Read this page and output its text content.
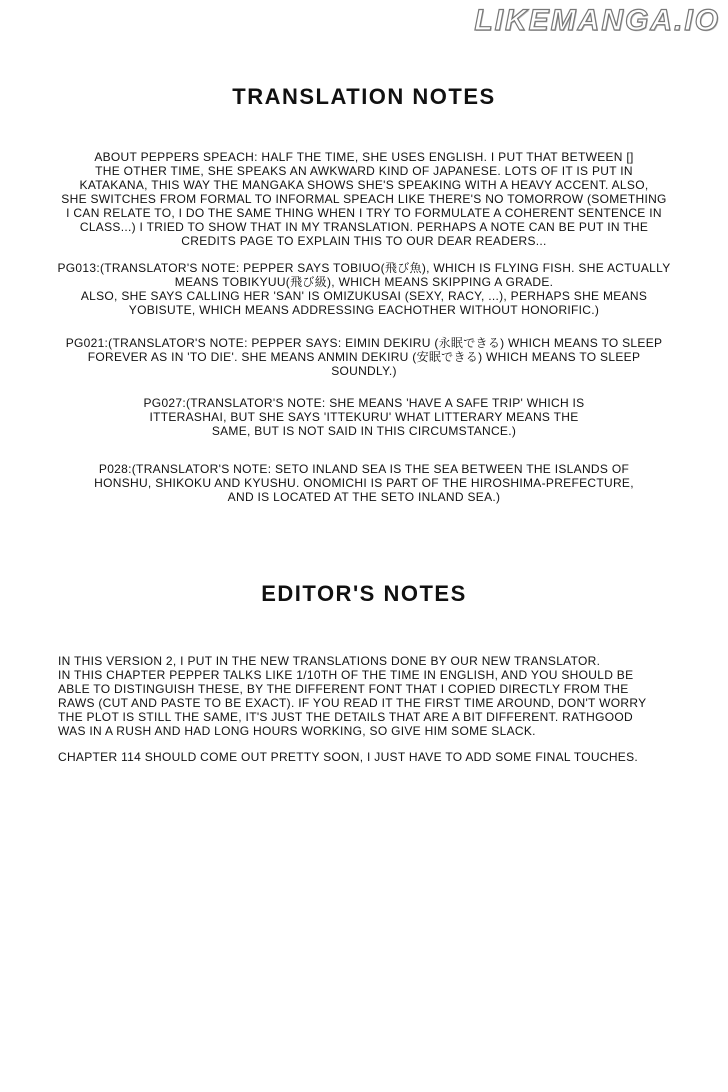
LIKEMANGA.IO
TRANSLATION NOTES

ABOUT PEPPERS SPEACH: HALF THE TIME, SHE USES ENGLISH. I PUT THAT BETWEEN []
THE OTHER TIME, SHE SPEAKS AN AWKWARD KIND OF JAPANESE. LOTS OF IT IS PUT IN
KATAKANA, THIS WAY THE MANGAKA SHOWS SHE'S SPEAKING WITH A HEAVY ACCENT. ALSO,
SHE SWITCHES FROM FORMAL TO INFORMAL SPEACH LIKE THERE'S NO TOMORROW (SOMETHING
I CAN RELATE TO, I DO THE SAME THING WHEN I TRY TO FORMULATE A COHERENT SENTENCE IN
CLASS...) I TRIED TO SHOW THAT IN MY TRANSLATION. PERHAPS A NOTE CAN BE PUT IN THE
CREDITS PAGE TO EXPLAIN THIS TO OUR DEAR READERS...

PG013:(TRANSLATOR'S NOTE: PEPPER SAYS TOBIUO(飛び魚), WHICH IS FLYING FISH. SHE ACTUALLY
MEANS TOBIKYUU(飛び級), WHICH MEANS SKIPPING A GRADE.
ALSO, SHE SAYS CALLING HER 'SAN' IS OMIZUKUSAI (SEXY, RACY, ...), PERHAPS SHE MEANS
YOBISUTE, WHICH MEANS ADDRESSING EACHOTHER WITHOUT HONORIFIC.)

PG021:(TRANSLATOR'S NOTE: PEPPER SAYS: EIMIN DEKIRU (永眠できる) WHICH MEANS TO SLEEP
FOREVER AS IN 'TO DIE'. SHE MEANS ANMIN DEKIRU (安眠できる) WHICH MEANS TO SLEEP
SOUNDLY.)

PG027:(TRANSLATOR'S NOTE: SHE MEANS 'HAVE A SAFE TRIP' WHICH IS
ITTERASHAI, BUT SHE SAYS 'ITTEKURU' WHAT LITTERARY MEANS THE
SAME, BUT IS NOT SAID IN THIS CIRCUMSTANCE.)

P028:(TRANSLATOR'S NOTE: SETO INLAND SEA IS THE SEA BETWEEN THE ISLANDS OF
HONSHU, SHIKOKU AND KYUSHU. ONOMICHI IS PART OF THE HIROSHIMA-PREFECTURE,
AND IS LOCATED AT THE SETO INLAND SEA.)

EDITOR'S NOTES

IN THIS VERSION 2, I PUT IN THE NEW TRANSLATIONS DONE BY OUR NEW TRANSLATOR.
IN THIS CHAPTER PEPPER TALKS LIKE 1/10TH OF THE TIME IN ENGLISH, AND YOU SHOULD BE
ABLE TO DISTINGUISH THESE, BY THE DIFFERENT FONT THAT I COPIED DIRECTLY FROM THE
RAWS (CUT AND PASTE TO BE EXACT). IF YOU READ IT THE FIRST TIME AROUND, DON'T WORRY
THE PLOT IS STILL THE SAME, IT'S JUST THE DETAILS THAT ARE A BIT DIFFERENT. RATHGOOD
WAS IN A RUSH AND HAD LONG HOURS WORKING, SO GIVE HIM SOME SLACK.

CHAPTER 114 SHOULD COME OUT PRETTY SOON, I JUST HAVE TO ADD SOME FINAL TOUCHES.
